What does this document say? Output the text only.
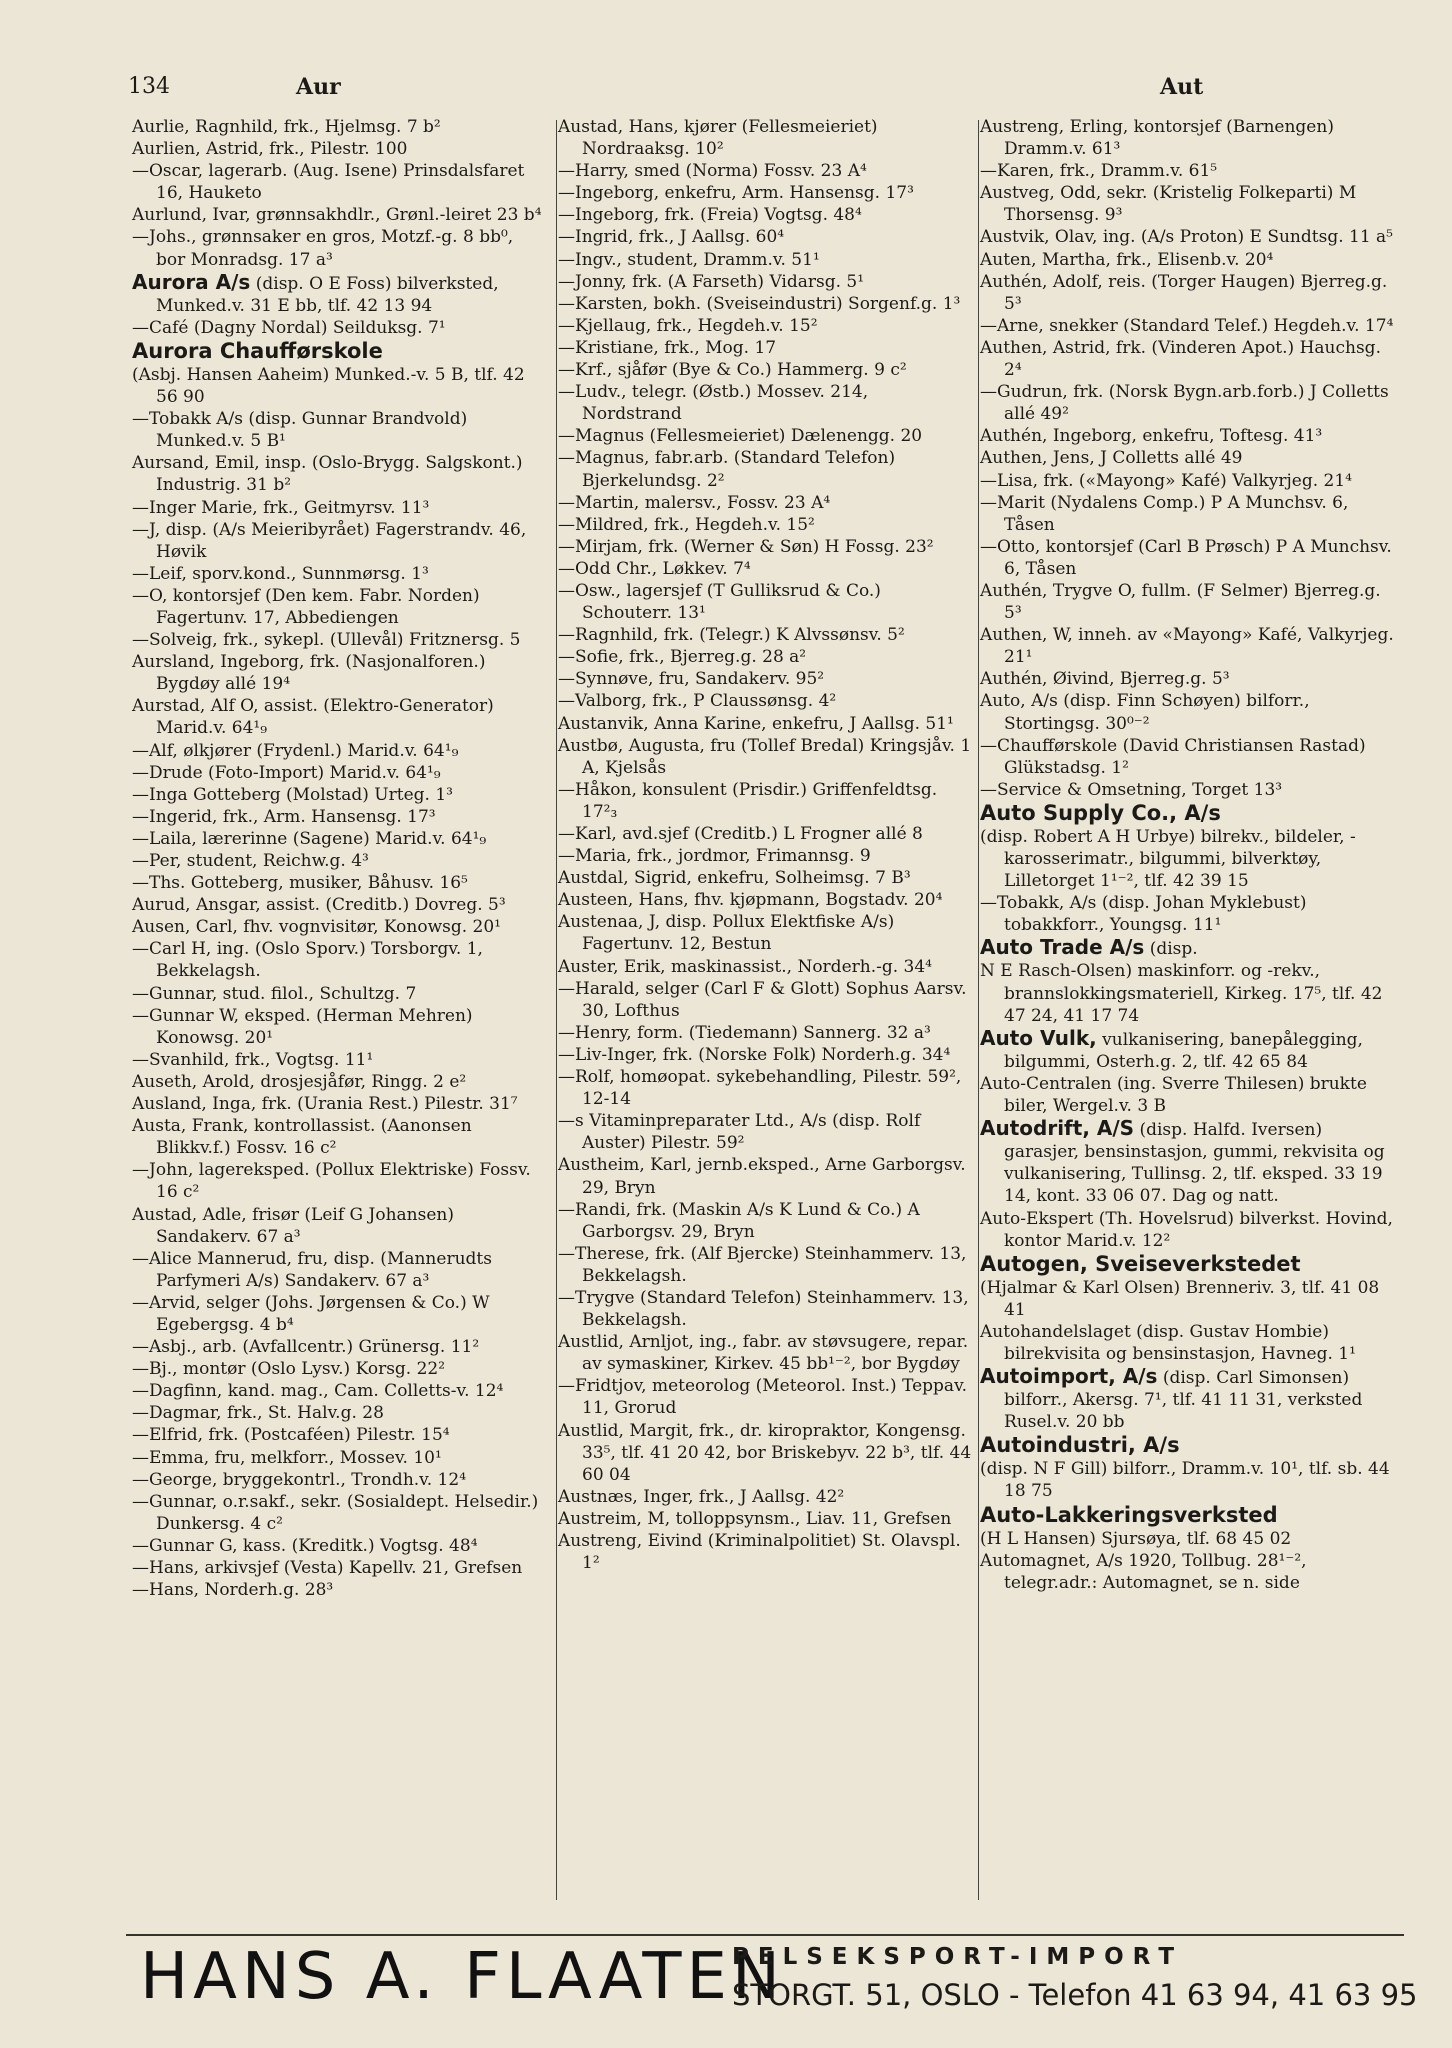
134	Aur	Aut
Aurlie, Ragnhild, frk., Hjelmsg. 7 b²
Aurlien, Astrid, frk., Pilestr. 100
—Oscar, lagerarb. (Aug. Isene) Prinsdalsfaret 16, Hauketo
Aurlund, Ivar, grønnsakhdlr., Grønl.-leiret 23 b⁴
—Johs., grønnsaker en gros, Motzf.-g. 8 bb⁰, bor Monradsg. 17 a³
Aurora A/s (disp. O E Foss) bilverksted, Munked.v. 31 E bb, tlf. 42 13 94
—Café (Dagny Nordal) Seilduksg. 7¹
Aurora Chaufførskole
(Asbj. Hansen Aaheim) Munked.-v. 5 B, tlf. 42 56 90
—Tobakk A/s (disp. Gunnar Brandvold) Munked.v. 5 B¹
Aursand, Emil, insp. (Oslo-Brygg. Salgskont.) Industrig. 31 b²
—Inger Marie, frk., Geitmyrsv. 11³
—J, disp. (A/s Meieribyrået) Fagerstrandv. 46, Høvik
—Leif, sporv.kond., Sunnmørsg. 1³
—O, kontorsjef (Den kem. Fabr. Norden) Fagertunv. 17, Abbediengen
—Solveig, frk., sykepl. (Ullevål) Fritznersg. 5
Aursland, Ingeborg, frk. (Nasjonalforen.) Bygdøy allé 19⁴
Aurstad, Alf O, assist. (Elektro-Generator) Marid.v. 64¹₉
—Alf, ølkjører (Frydenl.) Marid.v. 64¹₉
—Drude (Foto-Import) Marid.v. 64¹₉
—Inga Gotteberg (Molstad) Urteg. 1³
—Ingerid, frk., Arm. Hansensg. 17³
—Laila, lærerinne (Sagene) Marid.v. 64¹₉
—Per, student, Reichw.g. 4³
—Ths. Gotteberg, musiker, Båhusv. 16⁵
Aurud, Ansgar, assist. (Creditb.) Dovreg. 5³
Ausen, Carl, fhv. vognvisitør, Konowsg. 20¹
—Carl H, ing. (Oslo Sporv.) Torsborgv. 1, Bekkelagsh.
—Gunnar, stud. filol., Schultzg. 7
—Gunnar W, eksped. (Herman Mehren) Konowsg. 20¹
—Svanhild, frk., Vogtsg. 11¹
Auseth, Arold, drosjesjåfør, Ringg. 2 e²
Ausland, Inga, frk. (Urania Rest.) Pilestr. 31⁷
Austa, Frank, kontrollassist. (Aanonsen Blikkv.f.) Fossv. 16 c²
—John, lagereksped. (Pollux Elektriske) Fossv. 16 c²
Austad, Adle, frisør (Leif G Johansen) Sandakerv. 67 a³
—Alice Mannerud, fru, disp. (Mannerudts Parfymeri A/s) Sandakerv. 67 a³
—Arvid, selger (Johs. Jørgensen & Co.) W Egebergsg. 4 b⁴
—Asbj., arb. (Avfallcentr.) Grünersg. 11²
—Bj., montør (Oslo Lysv.) Korsg. 22²
—Dagfinn, kand. mag., Cam. Colletts-v. 12⁴
—Dagmar, frk., St. Halv.g. 28
—Elfrid, frk. (Postcaféen) Pilestr. 15⁴
—Emma, fru, melkforr., Mossev. 10¹
—George, bryggekontrl., Trondh.v. 12⁴
—Gunnar, o.r.sakf., sekr. (Sosialdept. Helsedir.) Dunkersg. 4 c²
—Gunnar G, kass. (Kreditk.) Vogtsg. 48⁴
—Hans, arkivsjef (Vesta) Kapellv. 21, Grefsen
—Hans, Norderh.g. 28³
Austad, Hans, kjører (Fellesmeieriet) Nordraaksg. 10²
—Harry, smed (Norma) Fossv. 23 A⁴
—Ingeborg, enkefru, Arm. Hansensg. 17³
—Ingeborg, frk. (Freia) Vogtsg. 48⁴
—Ingrid, frk., J Aallsg. 60⁴
—Ingv., student, Dramm.v. 51¹
—Jonny, frk. (A Farseth) Vidarsg. 5¹
—Karsten, bokh. (Sveiseindustri) Sorgenf.g. 1³
—Kjellaug, frk., Hegdeh.v. 15²
—Kristiane, frk., Mog. 17
—Krf., sjåfør (Bye & Co.) Hammerg. 9 c²
—Ludv., telegr. (Østb.) Mossev. 214, Nordstrand
—Magnus (Fellesmeieriet) Dælenengg. 20
—Magnus, fabr.arb. (Standard Telefon) Bjerkelundsg. 2²
—Martin, malersv., Fossv. 23 A⁴
—Mildred, frk., Hegdeh.v. 15²
—Mirjam, frk. (Werner & Søn) H Fossg. 23²
—Odd Chr., Løkkev. 7⁴
—Osw., lagersjef (T Gulliksrud & Co.) Schouterr. 13¹
—Ragnhild, frk. (Telegr.) K Alvssønsv. 5²
—Sofie, frk., Bjerreg.g. 28 a²
—Synnøve, fru, Sandakerv. 95²
—Valborg, frk., P Claussønsg. 4²
Austanvik, Anna Karine, enkefru, J Aallsg. 51¹
Austbø, Augusta, fru (Tollef Bredal) Kringsjåv. 1 A, Kjelsås
—Håkon, konsulent (Prisdir.) Griffenfeldtsg. 17²₃
—Karl, avd.sjef (Creditb.) L Frogner allé 8
—Maria, frk., jordmor, Frimannsg. 9
Austdal, Sigrid, enkefru, Solheimsg. 7 B³
Austeen, Hans, fhv. kjøpmann, Bogstadv. 20⁴
Austenaa, J, disp. Pollux Elektfiske A/s) Fagertunv. 12, Bestun
Auster, Erik, maskinassist., Norderh.-g. 34⁴
—Harald, selger (Carl F & Glott) Sophus Aarsv. 30, Lofthus
—Henry, form. (Tiedemann) Sannerg. 32 a³
—Liv-Inger, frk. (Norske Folk) Norderh.g. 34⁴
—Rolf, homøopat. sykebehandling, Pilestr. 59², 12-14
—s Vitaminpreparater Ltd., A/s (disp. Rolf Auster) Pilestr. 59²
Austheim, Karl, jernb.eksped., Arne Garborgsv. 29, Bryn
—Randi, frk. (Maskin A/s K Lund & Co.) A Garborgsv. 29, Bryn
—Therese, frk. (Alf Bjercke) Steinhammerv. 13, Bekkelagsh.
—Trygve (Standard Telefon) Steinhammerv. 13, Bekkelagsh.
Austlid, Arnljot, ing., fabr. av støvsugere, repar. av symaskiner, Kirkev. 45 bb¹⁻², bor Bygdøy
—Fridtjov, meteorolog (Meteorol. Inst.) Teppav. 11, Grorud
Austlid, Margit, frk., dr. kiropraktor, Kongensg. 33⁵, tlf. 41 20 42, bor Briskebyv. 22 b³, tlf. 44 60 04
Austnæs, Inger, frk., J Aallsg. 42²
Austreim, M, tolloppsynsm., Liav. 11, Grefsen
Austreng, Eivind (Kriminalpolitiet) St. Olavspl. 1²
Austreng, Erling, kontorsjef (Barnengen) Dramm.v. 61³
—Karen, frk., Dramm.v. 61⁵
Austveg, Odd, sekr. (Kristelig Folkeparti) M Thorsensg. 9³
Austvik, Olav, ing. (A/s Proton) E Sundtsg. 11 a⁵
Auten, Martha, frk., Elisenb.v. 20⁴
Authén, Adolf, reis. (Torger Haugen) Bjerreg.g. 5³
—Arne, snekker (Standard Telef.) Hegdeh.v. 17⁴
Authen, Astrid, frk. (Vinderen Apot.) Hauchsg. 2⁴
—Gudrun, frk. (Norsk Bygn.arb.forb.) J Colletts allé 49²
Authén, Ingeborg, enkefru, Toftesg. 41³
Authen, Jens, J Colletts allé 49
—Lisa, frk. («Mayong» Kafé) Valkyrjeg. 21⁴
—Marit (Nydalens Comp.) P A Munchsv. 6, Tåsen
—Otto, kontorsjef (Carl B Prøsch) P A Munchsv. 6, Tåsen
Authén, Trygve O, fullm. (F Selmer) Bjerreg.g. 5³
Authen, W, inneh. av «Mayong» Kafé, Valkyrjeg. 21¹
Authén, Øivind, Bjerreg.g. 5³
Auto, A/s (disp. Finn Schøyen) bilforr., Stortingsg. 30⁰⁻²
—Chaufførskole (David Christiansen Rastad) Glükstadsg. 1²
—Service & Omsetning, Torget 13³
Auto Supply Co., A/s
(disp. Robert A H Urbye) bilrekv., bildeler, -karosserimatr., bilgummi, bilverktøy, Lilletorget 1¹⁻², tlf. 42 39 15
—Tobakk, A/s (disp. Johan Myklebust) tobakkforr., Youngsg. 11¹
Auto Trade A/s (disp.
N E Rasch-Olsen) maskinforr. og -rekv., brannslokkingsmateriell, Kirkeg. 17⁵, tlf. 42 47 24, 41 17 74
Auto Vulk, vulkanisering, banepålegging, bilgummi, Osterh.g. 2, tlf. 42 65 84
Auto-Centralen (ing. Sverre Thilesen) brukte biler, Wergel.v. 3 B
Autodrift, A/S (disp. Halfd. Iversen) garasjer, bensinstasjon, gummi, rekvisita og vulkanisering, Tullinsg. 2, tlf. eksped. 33 19 14, kont. 33 06 07. Dag og natt.
Auto-Ekspert (Th. Hovelsrud) bilverkst. Hovind, kontor Marid.v. 12²
Autogen, Sveiseverkstedet
(Hjalmar & Karl Olsen) Brenneriv. 3, tlf. 41 08 41
Autohandelslaget (disp. Gustav Hombie) bilrekvisita og bensinstasjon, Havneg. 1¹
Autoimport, A/s (disp. Carl Simonsen) bilforr., Akersg. 7¹, tlf. 41 11 31, verksted Rusel.v. 20 bb
Autoindustri, A/s
(disp. N F Gill) bilforr., Dramm.v. 10¹, tlf. sb. 44 18 75
Auto-Lakkeringsverksted
(H L Hansen) Sjursøya, tlf. 68 45 02
Automagnet, A/s 1920, Tollbug. 28¹⁻², telegr.adr.: Automagnet, se n. side
HANS A. FLAATEN
PELSEKSPORT-IMPORT
STORGT. 51, OSLO - Telefon 41 63 94, 41 63 95
